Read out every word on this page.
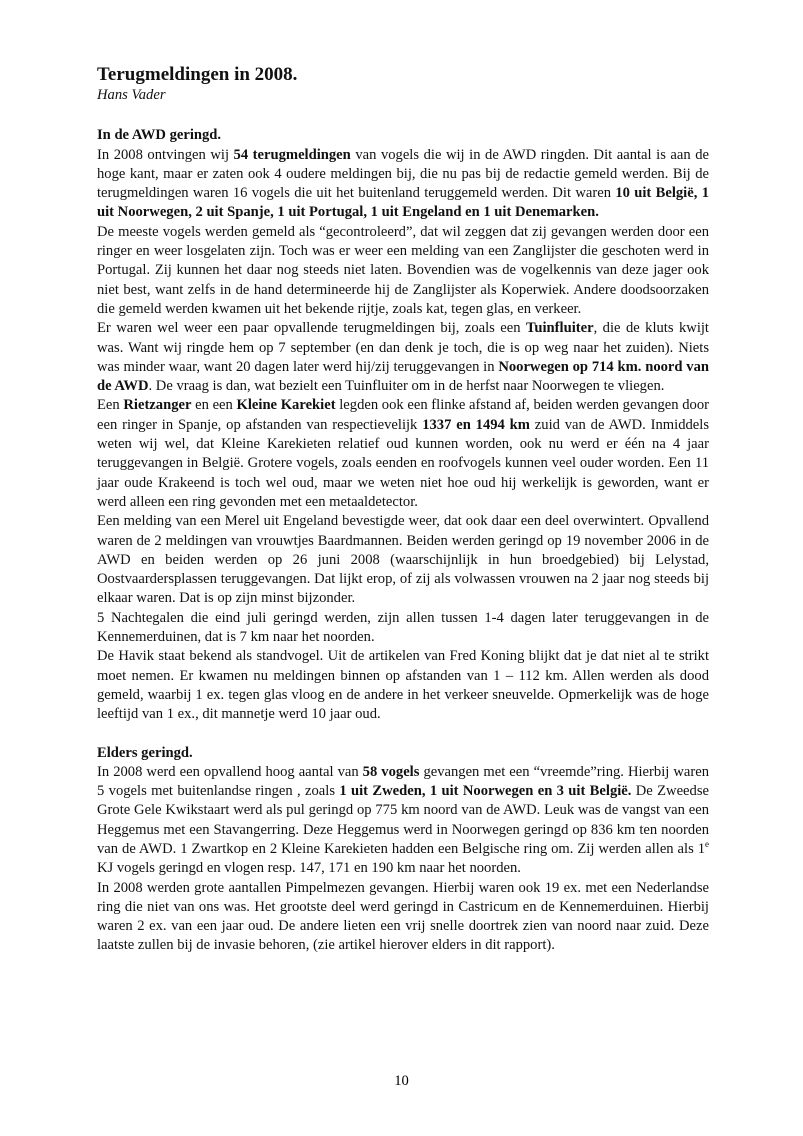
Terugmeldingen in 2008.
Hans Vader
In de AWD geringd.
In 2008 ontvingen wij 54 terugmeldingen van vogels die wij in de AWD ringden. Dit aantal is aan de hoge kant, maar er zaten ook 4 oudere meldingen bij, die nu pas bij de redactie gemeld werden. Bij de terugmeldingen waren 16 vogels die uit het buitenland teruggemeld werden. Dit waren 10 uit België, 1 uit Noorwegen, 2 uit Spanje, 1 uit Portugal, 1 uit Engeland en 1 uit Denemarken.
De meeste vogels werden gemeld als “gecontroleerd”, dat wil zeggen dat zij gevangen werden door een ringer en weer losgelaten zijn. Toch was er weer een melding van een Zanglijster die geschoten werd in Portugal. Zij kunnen het daar nog steeds niet laten. Bovendien was de vogelkennis van deze jager ook niet best, want zelfs in de hand determineerde hij de Zanglijster als Koperwiek. Andere doodsoorzaken die gemeld werden kwamen uit het bekende rijtje, zoals kat, tegen glas, en verkeer.
Er waren wel weer een paar opvallende terugmeldingen bij, zoals een Tuinfluiter, die de kluts kwijt was. Want wij ringde hem op 7 september (en dan denk je toch, die is op weg naar het zuiden). Niets was minder waar, want 20 dagen later werd hij/zij teruggevangen in Noorwegen op 714 km. noord van de AWD. De vraag is dan, wat bezielt een Tuinfluiter om in de herfst naar Noorwegen te vliegen.
Een Rietzanger en een Kleine Karekiet legden ook een flinke afstand af, beiden werden gevangen door een ringer in Spanje, op afstanden van respectievelijk 1337 en 1494 km zuid van de AWD. Inmiddels weten wij wel, dat Kleine Karekieten relatief oud kunnen worden, ook nu werd er één na 4 jaar teruggevangen in België. Grotere vogels, zoals eenden en roofvogels kunnen veel ouder worden. Een 11 jaar oude Krakeend is toch wel oud, maar we weten niet hoe oud hij werkelijk is geworden, want er werd alleen een ring gevonden met een metaaldetector.
Een melding van een Merel uit Engeland bevestigde weer, dat ook daar een deel overwintert. Opvallend waren de 2 meldingen van vrouwtjes Baardmannen. Beiden werden geringd op 19 november 2006 in de AWD en beiden werden op 26 juni 2008 (waarschijnlijk in hun broedgebied) bij Lelystad, Oostvaardersplassen teruggevangen. Dat lijkt erop, of zij als volwassen vrouwen na 2 jaar nog steeds bij elkaar waren. Dat is op zijn minst bijzonder.
5 Nachtegalen die eind juli geringd werden, zijn allen tussen 1-4 dagen later teruggevangen in de Kennemerduinen, dat is 7 km naar het noorden.
De Havik staat bekend als standvogel. Uit de artikelen van Fred Koning blijkt dat je dat niet al te strikt moet nemen. Er kwamen nu meldingen binnen op afstanden van 1 – 112 km. Allen werden als dood gemeld, waarbij 1 ex. tegen glas vloog en de andere in het verkeer sneuvelde. Opmerkelijk was de hoge leeftijd van 1 ex., dit mannetje werd 10 jaar oud.
Elders geringd.
In 2008 werd een opvallend hoog aantal van 58 vogels gevangen met een “vreemde”ring. Hierbij waren 5 vogels met buitenlandse ringen , zoals 1 uit Zweden, 1 uit Noorwegen en 3 uit België. De Zweedse Grote Gele Kwikstaart werd als pul geringd op 775 km noord van de AWD. Leuk was de vangst van een Heggemus met een Stavangerring. Deze Heggemus werd in Noorwegen geringd op 836 km ten noorden van de AWD. 1 Zwartkop en 2 Kleine Karekieten hadden een Belgische ring om. Zij werden allen als 1e KJ vogels geringd en vlogen resp. 147, 171 en 190 km naar het noorden.
In 2008 werden grote aantallen Pimpelmezen gevangen. Hierbij waren ook 19 ex. met een Nederlandse ring die niet van ons was. Het grootste deel werd geringd in Castricum en de Kennemerduinen. Hierbij waren 2 ex. van een jaar oud. De andere lieten een vrij snelle doortrek zien van noord naar zuid. Deze laatste zullen bij de invasie behoren, (zie artikel hierover elders in dit rapport).
10
